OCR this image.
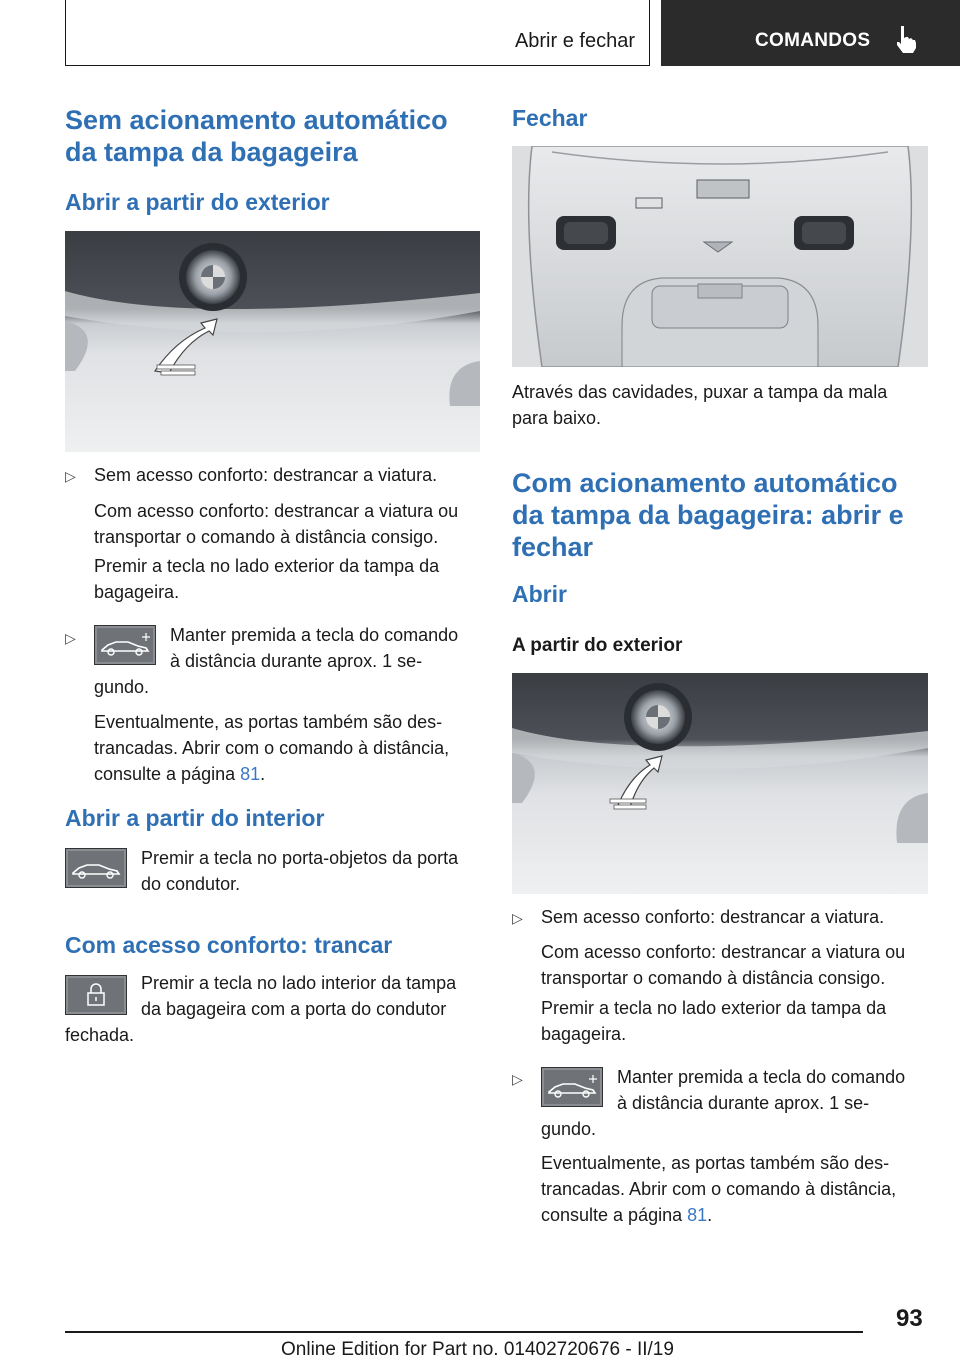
Abrir e fechar	COMANDOS
Sem acionamento automático da tampa da bagageira
Abrir a partir do exterior
▷ Sem acesso conforto: destrancar a viatura.

Com acesso conforto: destrancar a viatura ou transportar o comando à distância consigo.

Premir a tecla no lado exterior da tampa da bagageira.

▷	Manter premida a tecla do comando
à distância durante aprox. 1 se‐
gundo.
Eventualmente, as portas também são des‐
trancadas. Abrir com o comando à distância,
consulte a página 81.
Abrir a partir do interior
Premir a tecla no porta-objetos da porta
do condutor.
Com acesso conforto: trancar
Premir a tecla no lado interior da tampa
da bagageira com a porta do condutor
fechada.
Fechar

Através das cavidades, puxar a tampa da mala para baixo.

Com acionamento automático da tampa da bagageira: abrir e fechar
Abrir
A partir do exterior
▷ Sem acesso conforto: destrancar a viatura.

Com acesso conforto: destrancar a viatura ou transportar o comando à distância consigo.

Premir a tecla no lado exterior da tampa da bagageira.

▷	Manter premida a tecla do comando
à distância durante aprox. 1 se‐
gundo.
Eventualmente, as portas também são des‐
trancadas. Abrir com o comando à distância,
consulte a página 81.
93
Online Edition for Part no. 01402720676 - II/19
